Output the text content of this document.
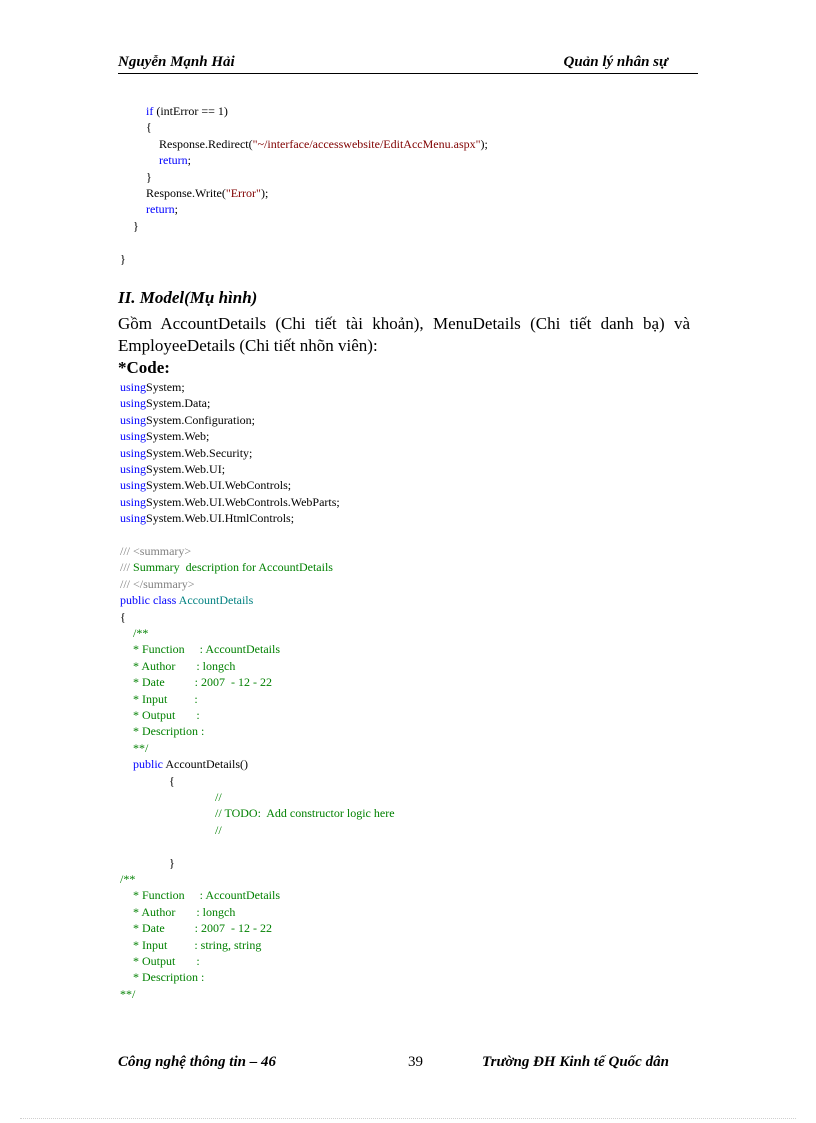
Nguyễn Mạnh Hải	Quản lý nhân sự
if (intError == 1)
{
Response.Redirect("~/interface/accesswebsite/EditAccMenu.aspx");
return;
}
Response.Write("Error");
return;
}
}
II. Model(Mụ hình)
Gồm AccountDetails (Chi tiết tài khoản), MenuDetails (Chi tiết danh bạ) và EmployeeDetails (Chi tiết nhõn viên):
*Code:
usingSystem;
usingSystem.Data;
usingSystem.Configuration;
usingSystem.Web;
usingSystem.Web.Security;
usingSystem.Web.UI;
usingSystem.Web.UI.WebControls;
usingSystem.Web.UI.WebControls.WebParts;
usingSystem.Web.UI.HtmlControls;
/// <summary>
/// Summary  description for AccountDetails
/// </summary>
public class AccountDetails
{
/**
* Function     : AccountDetails
* Author       : longch
* Date          : 2007  - 12 - 22
* Input         :
* Output       :
* Description :
**/
public AccountDetails()
{
//
// TODO:  Add constructor logic here
//
}
/**
* Function     : AccountDetails
* Author       : longch
* Date          : 2007  - 12 - 22
* Input         : string, string
* Output       :
* Description :
**/
Công nghệ thông tin – 46	39	Trường ĐH Kinh tế Quốc dân
